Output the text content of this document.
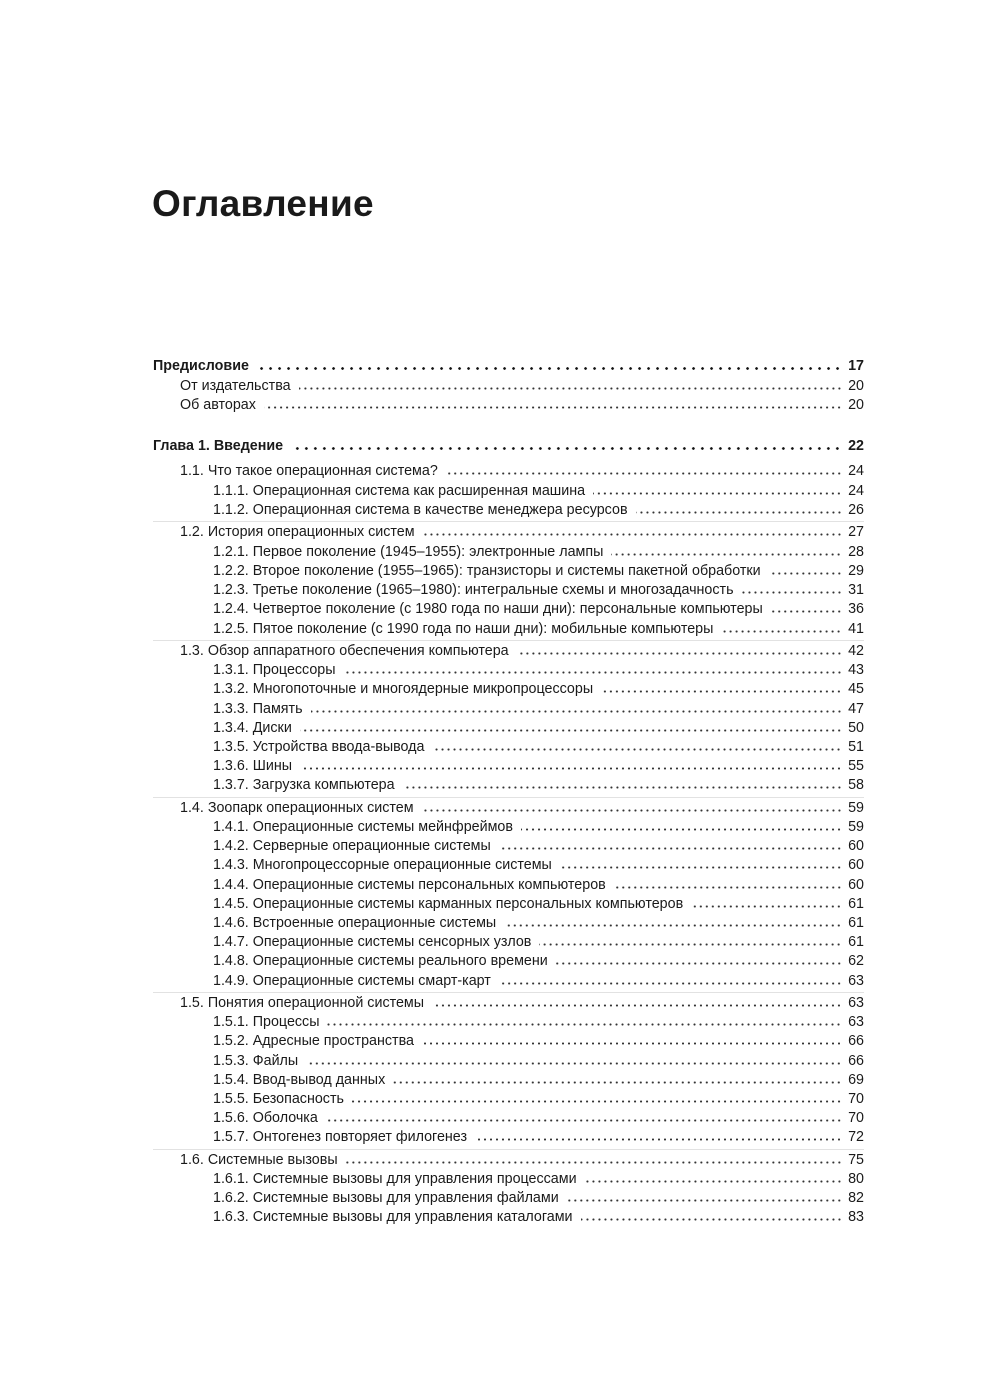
Оглавление
Предисловие	17
От издательства	20
Об авторах	20
Глава 1. Введение	22
1.1. Что такое операционная система?	24
1.1.1. Операционная система как расширенная машина	24
1.1.2. Операционная система в качестве менеджера ресурсов	26
1.2. История операционных систем	27
1.2.1. Первое поколение (1945–1955): электронные лампы	28
1.2.2. Второе поколение (1955–1965): транзисторы и системы пакетной обработки	29
1.2.3. Третье поколение (1965–1980): интегральные схемы и многозадачность	31
1.2.4. Четвертое поколение (с 1980 года по наши дни): персональные компьютеры	36
1.2.5. Пятое поколение (с 1990 года по наши дни): мобильные компьютеры	41
1.3. Обзор аппаратного обеспечения компьютера	42
1.3.1. Процессоры	43
1.3.2. Многопоточные и многоядерные микропроцессоры	45
1.3.3. Память	47
1.3.4. Диски	50
1.3.5. Устройства ввода-вывода	51
1.3.6. Шины	55
1.3.7. Загрузка компьютера	58
1.4. Зоопарк операционных систем	59
1.4.1. Операционные системы мейнфреймов	59
1.4.2. Серверные операционные системы	60
1.4.3. Многопроцессорные операционные системы	60
1.4.4. Операционные системы персональных компьютеров	60
1.4.5. Операционные системы карманных персональных компьютеров	61
1.4.6. Встроенные операционные системы	61
1.4.7. Операционные системы сенсорных узлов	61
1.4.8. Операционные системы реального времени	62
1.4.9. Операционные системы смарт-карт	63
1.5. Понятия операционной системы	63
1.5.1. Процессы	63
1.5.2. Адресные пространства	66
1.5.3. Файлы	66
1.5.4. Ввод-вывод данных	69
1.5.5. Безопасность	70
1.5.6. Оболочка	70
1.5.7. Онтогенез повторяет филогенез	72
1.6. Системные вызовы	75
1.6.1. Системные вызовы для управления процессами	80
1.6.2. Системные вызовы для управления файлами	82
1.6.3. Системные вызовы для управления каталогами	83
